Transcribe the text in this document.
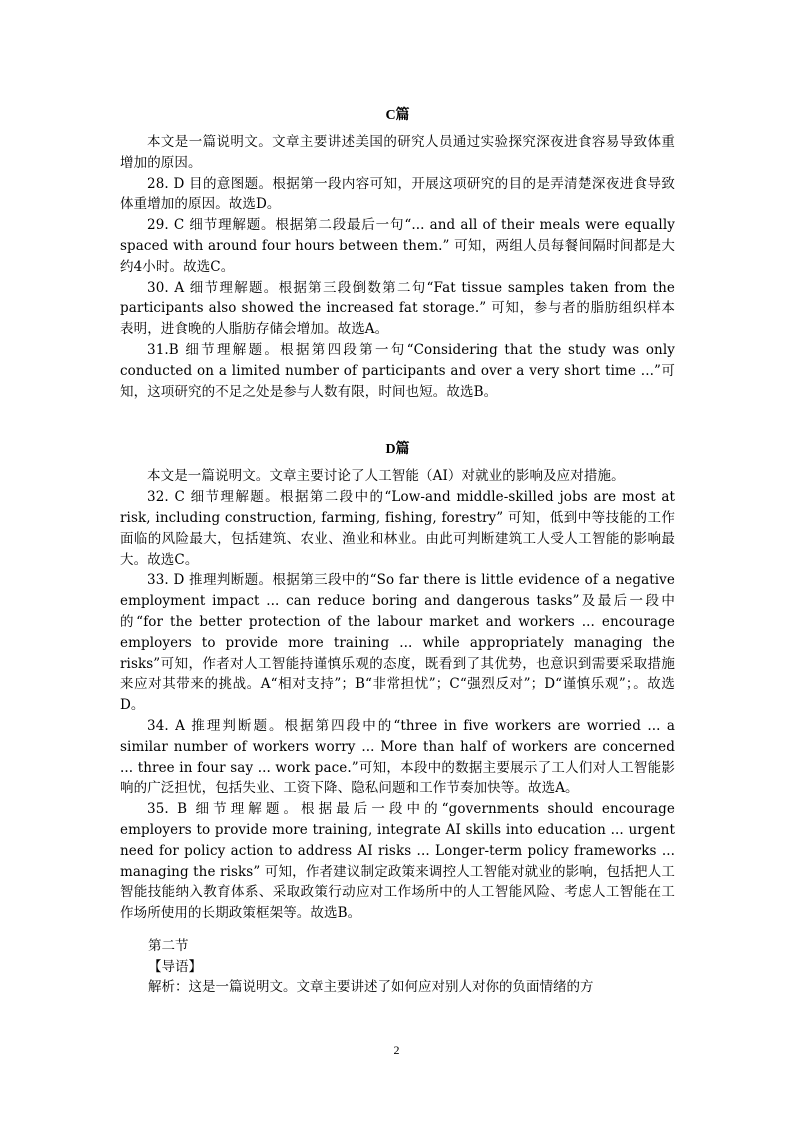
C篇

本文是一篇说明文。文章主要讲述美国的研究人员通过实验探究深夜进食容易导致体重增加的原因。

28. D 目的意图题。根据第一段内容可知，开展这项研究的目的是弄清楚深夜进食导致体重增加的原因。故选D。

29. C 细节理解题。根据第二段最后一句“... and all of their meals were equally spaced with around four hours between them.” 可知，两组人员每餐间隔时间都是大约4小时。故选C。

30. A 细节理解题。根据第三段倒数第二句“Fat tissue samples taken from the participants also showed the increased fat storage.” 可知，参与者的脂肪组织样本表明，进食晚的人脂肪存储会增加。故选A。

31.B 细节理解题。根据第四段第一句“Considering that the study was only conducted on a limited number of participants and over a very short time ...”可知，这项研究的不足之处是参与人数有限，时间也短。故选B。

D篇

本文是一篇说明文。文章主要讨论了人工智能（AI）对就业的影响及应对措施。

32. C 细节理解题。根据第二段中的“Low-and middle-skilled jobs are most at risk, including construction, farming, fishing, forestry” 可知，低到中等技能的工作面临的风险最大，包括建筑、农业、渔业和林业。由此可判断建筑工人受人工智能的影响最大。故选C。

33. D 推理判断题。根据第三段中的“So far there is little evidence of a negative employment impact ... can reduce boring and dangerous tasks”及最后一段中的“for the better protection of the labour market and workers ... encourage employers to provide more training ... while appropriately managing the risks”可知，作者对人工智能持谨慎乐观的态度，既看到了其优势，也意识到需要采取措施来应对其带来的挑战。A“相对支持”；B“非常担忧”；C“强烈反对”；D“谨慎乐观”；。故选D。

34. A 推理判断题。根据第四段中的“three in five workers are worried ... a similar number of workers worry ... More than half of workers are concerned ... three in four say ... work pace.”可知，本段中的数据主要展示了工人们对人工智能影响的广泛担忧，包括失业、工资下降、隐私问题和工作节奏加快等。故选A。

35. B 细节理解题。根据最后一段中的“governments should encourage employers to provide more training, integrate AI skills into education ... urgent need for policy action to address AI risks ... Longer-term policy frameworks ... managing the risks” 可知，作者建议制定政策来调控人工智能对就业的影响，包括把人工智能技能纳入教育体系、采取政策行动应对工作场所中的人工智能风险、考虑人工智能在工作场所使用的长期政策框架等。故选B。

第二节

【导语】

解析：这是一篇说明文。文章主要讲述了如何应对别人对你的负面情绪的方

2
